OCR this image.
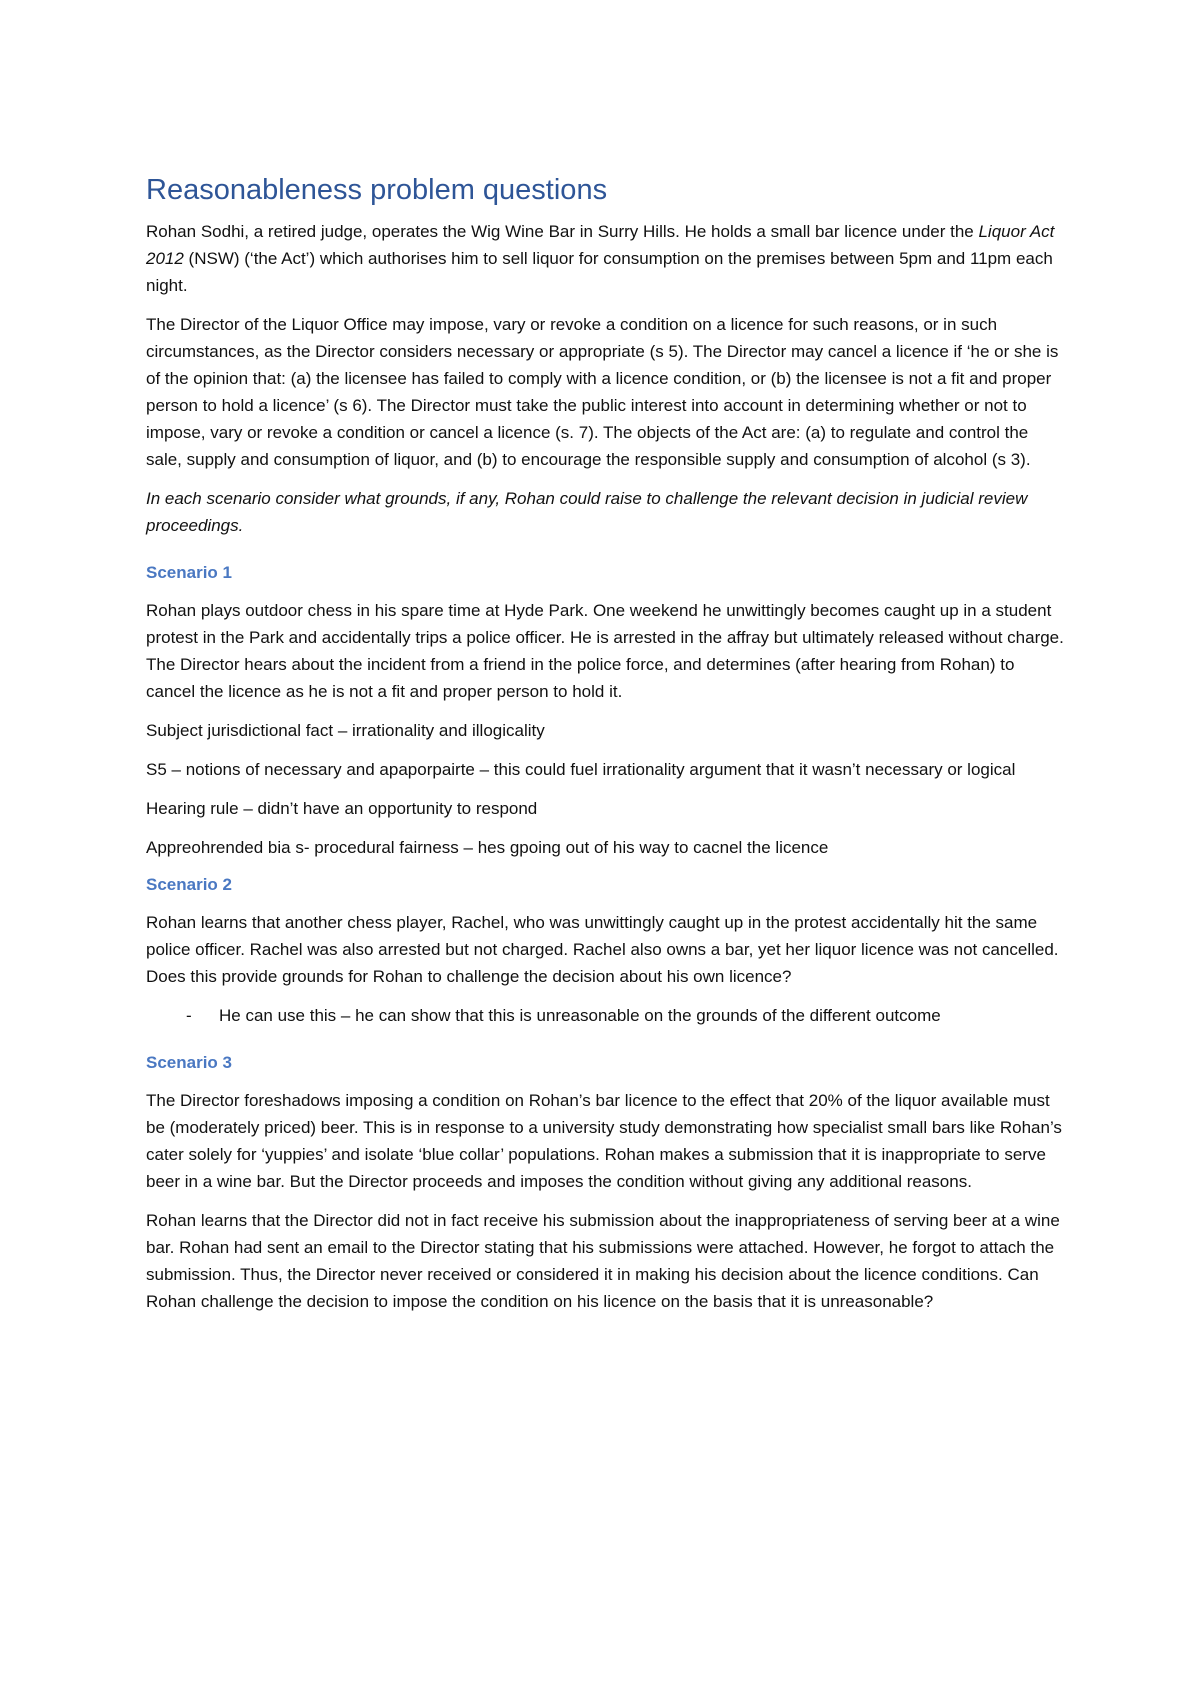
Reasonableness problem questions

Rohan Sodhi, a retired judge, operates the Wig Wine Bar in Surry Hills. He holds a small bar licence under the Liquor Act 2012 (NSW) (‘the Act’) which authorises him to sell liquor for consumption on the premises between 5pm and 11pm each night.

The Director of the Liquor Office may impose, vary or revoke a condition on a licence for such reasons, or in such circumstances, as the Director considers necessary or appropriate (s 5). The Director may cancel a licence if ‘he or she is of the opinion that: (a) the licensee has failed to comply with a licence condition, or (b) the licensee is not a fit and proper person to hold a licence’ (s 6). The Director must take the public interest into account in determining whether or not to impose, vary or revoke a condition or cancel a licence (s. 7). The objects of the Act are: (a) to regulate and control the sale, supply and consumption of liquor, and (b) to encourage the responsible supply and consumption of alcohol (s 3).

In each scenario consider what grounds, if any, Rohan could raise to challenge the relevant decision in judicial review proceedings.

Scenario 1

Rohan plays outdoor chess in his spare time at Hyde Park. One weekend he unwittingly becomes caught up in a student protest in the Park and accidentally trips a police officer. He is arrested in the affray but ultimately released without charge. The Director hears about the incident from a friend in the police force, and determines (after hearing from Rohan) to cancel the licence as he is not a fit and proper person to hold it.

Subject jurisdictional fact – irrationality and illogicality

S5 – notions of necessary and apaporpairte – this could fuel irrationality argument that it wasn’t necessary or logical

Hearing rule – didn’t have an opportunity to respond

Appreohrended bia s- procedural fairness – hes gpoing out of his way to cacnel the licence

Scenario 2

Rohan learns that another chess player, Rachel, who was unwittingly caught up in the protest accidentally hit the same police officer. Rachel was also arrested but not charged. Rachel also owns a bar, yet her liquor licence was not cancelled. Does this provide grounds for Rohan to challenge the decision about his own licence?

- He can use this – he can show that this is unreasonable on the grounds of the different outcome
Scenario 3

The Director foreshadows imposing a condition on Rohan’s bar licence to the effect that 20% of the liquor available must be (moderately priced) beer. This is in response to a university study demonstrating how specialist small bars like Rohan’s cater solely for ‘yuppies’ and isolate ‘blue collar’ populations. Rohan makes a submission that it is inappropriate to serve beer in a wine bar. But the Director proceeds and imposes the condition without giving any additional reasons.

Rohan learns that the Director did not in fact receive his submission about the inappropriateness of serving beer at a wine bar. Rohan had sent an email to the Director stating that his submissions were attached. However, he forgot to attach the submission. Thus, the Director never received or considered it in making his decision about the licence conditions. Can Rohan challenge the decision to impose the condition on his licence on the basis that it is unreasonable?
